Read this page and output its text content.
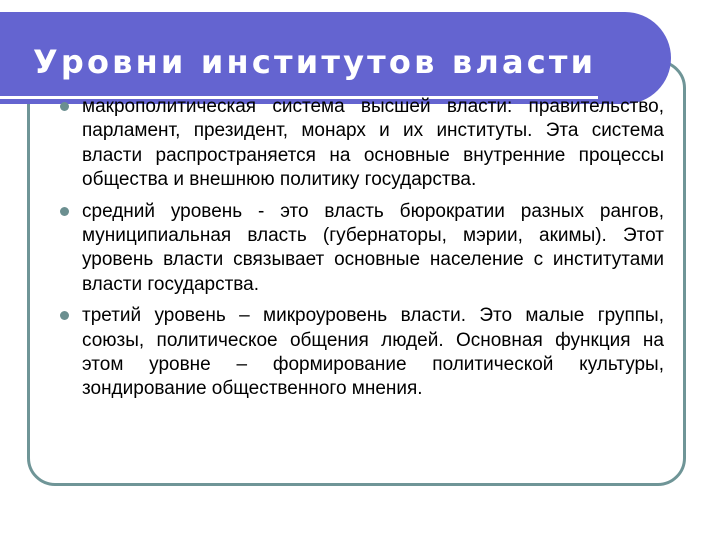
Уровни институтов власти
макрополитическая система высшей власти: правительство, парламент, президент, монарх и их институты. Эта система власти распространяется на основные внутренние процессы общества и внешнюю политику государства.
средний уровень - это власть бюрократии разных рангов, муниципиальная власть (губернаторы, мэрии, акимы). Этот уровень власти связывает основные население с институтами власти государства.
третий уровень – микроуровень власти. Это малые группы, союзы, политическое общения людей. Основная функция на этом уровне – формирование политической культуры, зондирование общественного мнения.
